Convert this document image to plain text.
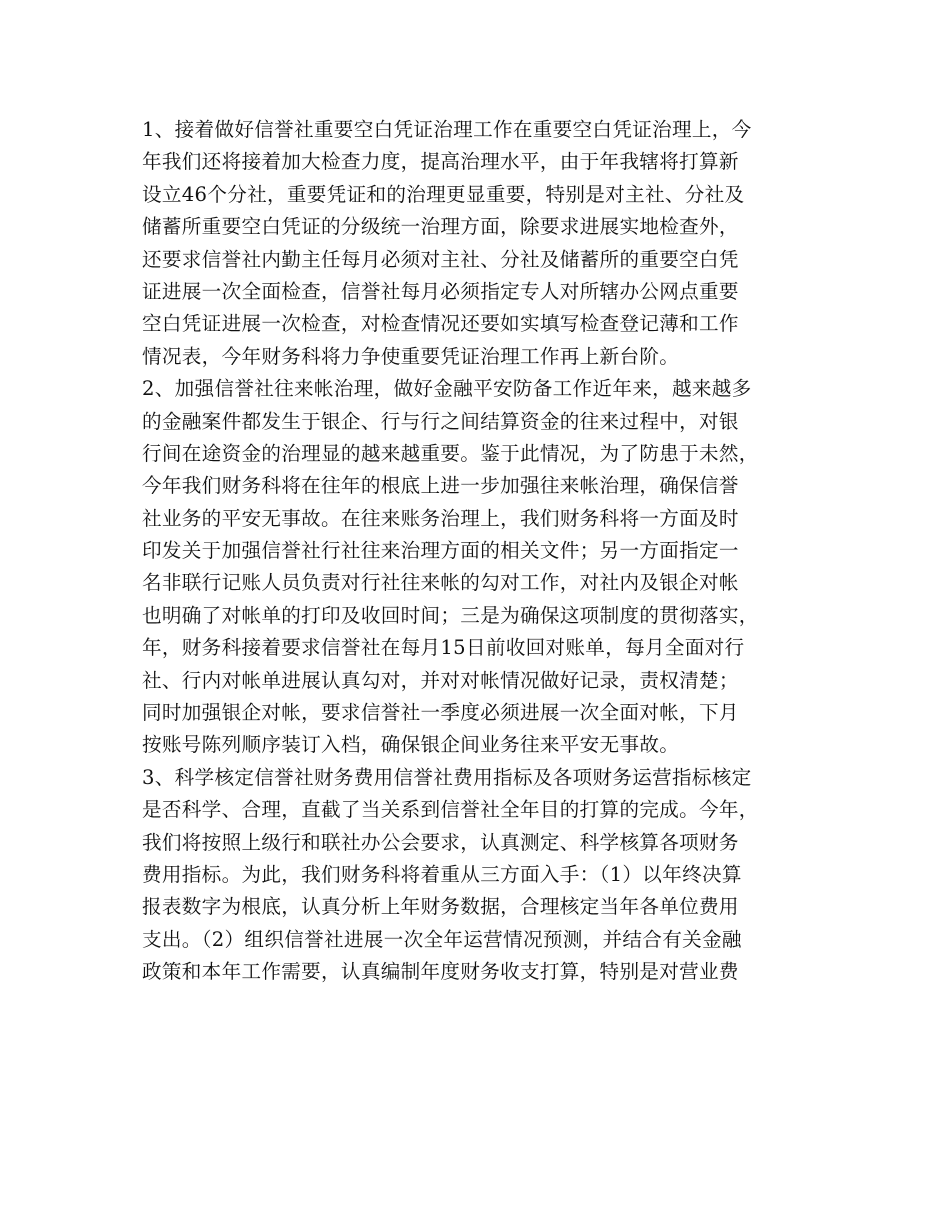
1、接着做好信誉社重要空白凭证治理工作在重要空白凭证治理上，今
年我们还将接着加大检查力度，提高治理水平，由于年我辖将打算新
设立46个分社，重要凭证和的治理更显重要，特别是对主社、分社及
储蓄所重要空白凭证的分级统一治理方面，除要求进展实地检查外，
还要求信誉社内勤主任每月必须对主社、分社及储蓄所的重要空白凭
证进展一次全面检查，信誉社每月必须指定专人对所辖办公网点重要
空白凭证进展一次检查，对检查情况还要如实填写检查登记薄和工作
情况表，今年财务科将力争使重要凭证治理工作再上新台阶。
2、加强信誉社往来帐治理，做好金融平安防备工作近年来，越来越多
的金融案件都发生于银企、行与行之间结算资金的往来过程中，对银
行间在途资金的治理显的越来越重要。鉴于此情况，为了防患于未然，
今年我们财务科将在往年的根底上进一步加强往来帐治理，确保信誉
社业务的平安无事故。在往来账务治理上，我们财务科将一方面及时
印发关于加强信誉社行社往来治理方面的相关文件；另一方面指定一
名非联行记账人员负责对行社往来帐的勾对工作，对社内及银企对帐
也明确了对帐单的打印及收回时间；三是为确保这项制度的贯彻落实，
年，财务科接着要求信誉社在每月15日前收回对账单，每月全面对行
社、行内对帐单进展认真勾对，并对对帐情况做好记录，责权清楚；
同时加强银企对帐，要求信誉社一季度必须进展一次全面对帐，下月
按账号陈列顺序装订入档，确保银企间业务往来平安无事故。
3、科学核定信誉社财务费用信誉社费用指标及各项财务运营指标核定
是否科学、合理，直截了当关系到信誉社全年目的打算的完成。今年，
我们将按照上级行和联社办公会要求，认真测定、科学核算各项财务
费用指标。为此，我们财务科将着重从三方面入手：（1）以年终决算
报表数字为根底，认真分析上年财务数据，合理核定当年各单位费用
支出。（2）组织信誉社进展一次全年运营情况预测，并结合有关金融
政策和本年工作需要，认真编制年度财务收支打算，特别是对营业费
